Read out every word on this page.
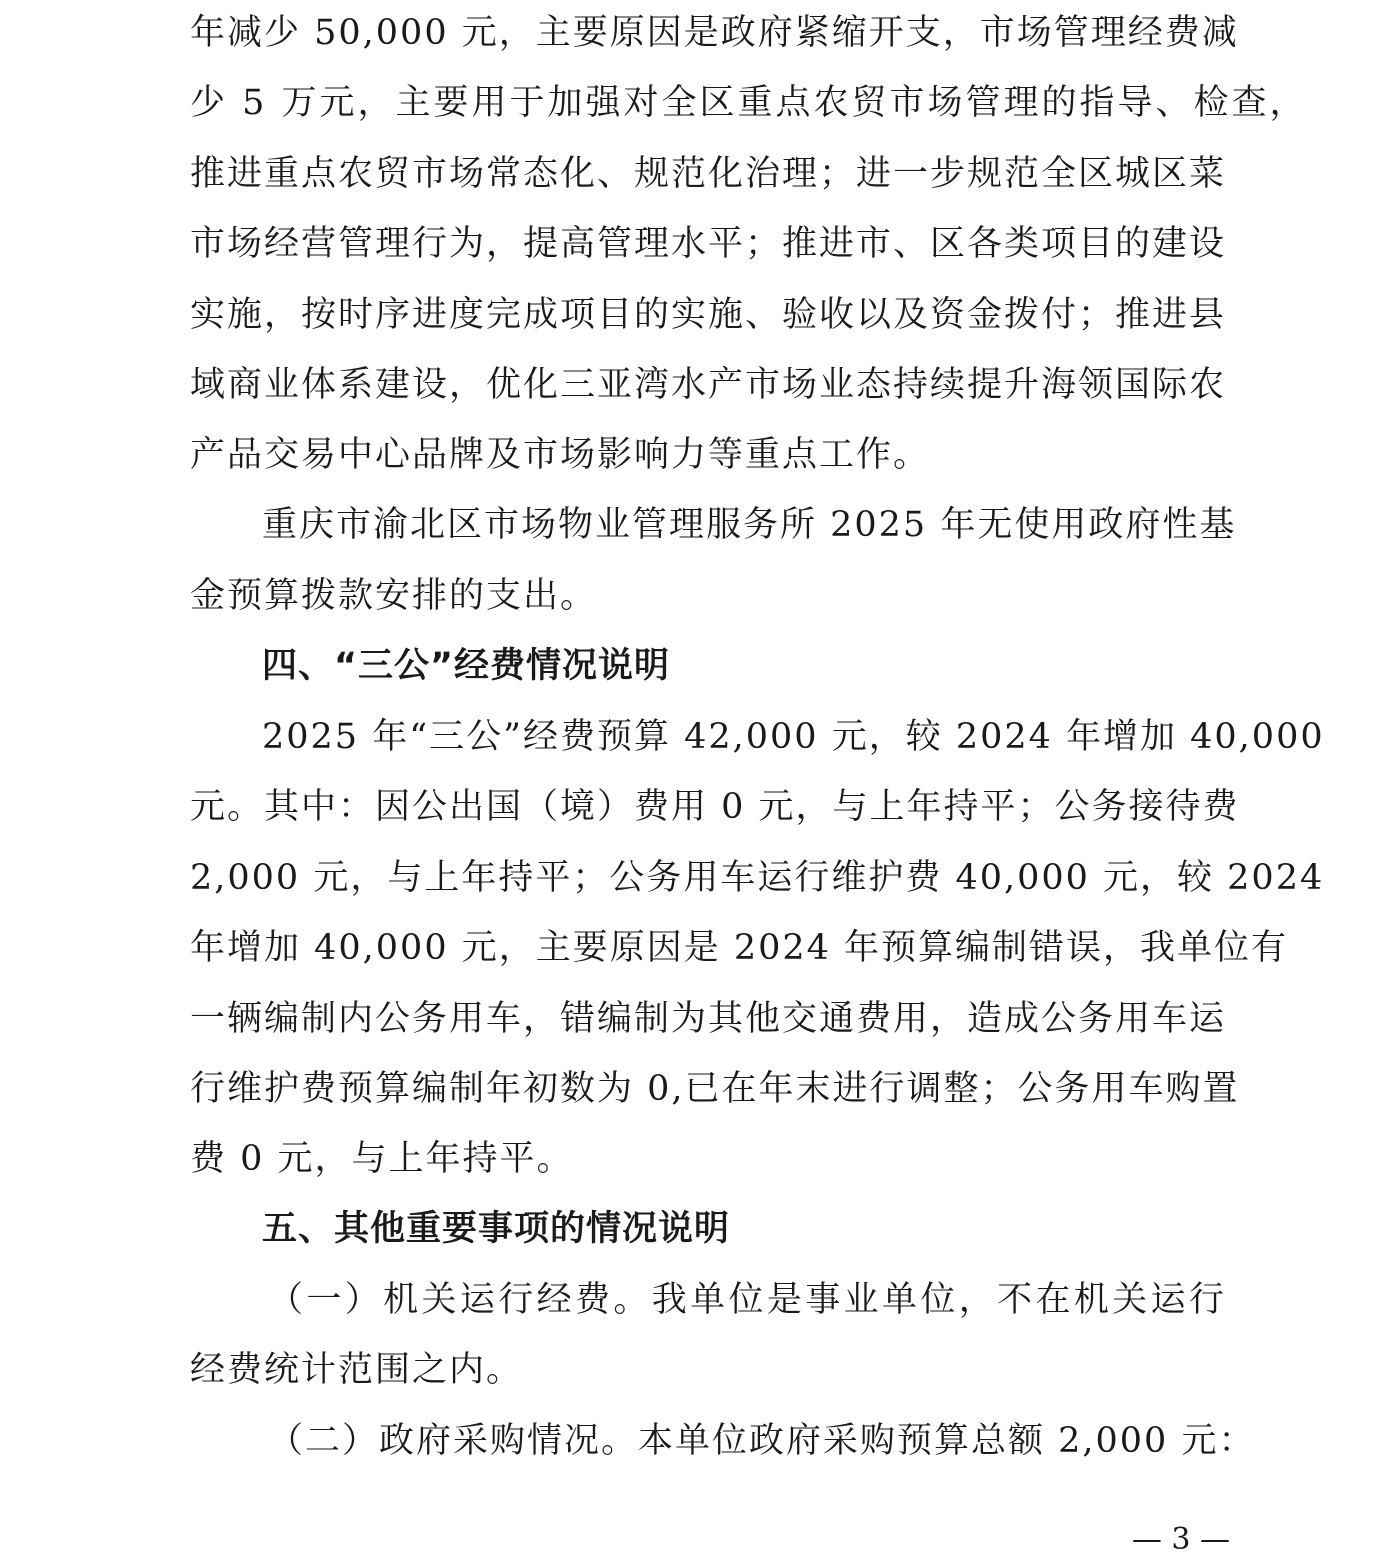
年减少 50,000 元，主要原因是政府紧缩开支，市场管理经费减
少 5 万元，主要用于加强对全区重点农贸市场管理的指导、检查，
推进重点农贸市场常态化、规范化治理；进一步规范全区城区菜
市场经营管理行为，提高管理水平；推进市、区各类项目的建设
实施，按时序进度完成项目的实施、验收以及资金拨付；推进县
域商业体系建设，优化三亚湾水产市场业态持续提升海领国际农
产品交易中心品牌及市场影响力等重点工作。
重庆市渝北区市场物业管理服务所 2025 年无使用政府性基
金预算拨款安排的支出。
四、“三公”经费情况说明
2025 年“三公”经费预算 42,000 元，较 2024 年增加 40,000
元。其中：因公出国（境）费用 0 元，与上年持平；公务接待费
2,000 元，与上年持平；公务用车运行维护费 40,000 元，较 2024
年增加 40,000 元，主要原因是 2024 年预算编制错误，我单位有
一辆编制内公务用车，错编制为其他交通费用，造成公务用车运
行维护费预算编制年初数为 0,已在年末进行调整；公务用车购置
费 0 元，与上年持平。
五、其他重要事项的情况说明
（一）机关运行经费。我单位是事业单位，不在机关运行
经费统计范围之内。
（二）政府采购情况。本单位政府采购预算总额 2,000 元：
— 3 —
